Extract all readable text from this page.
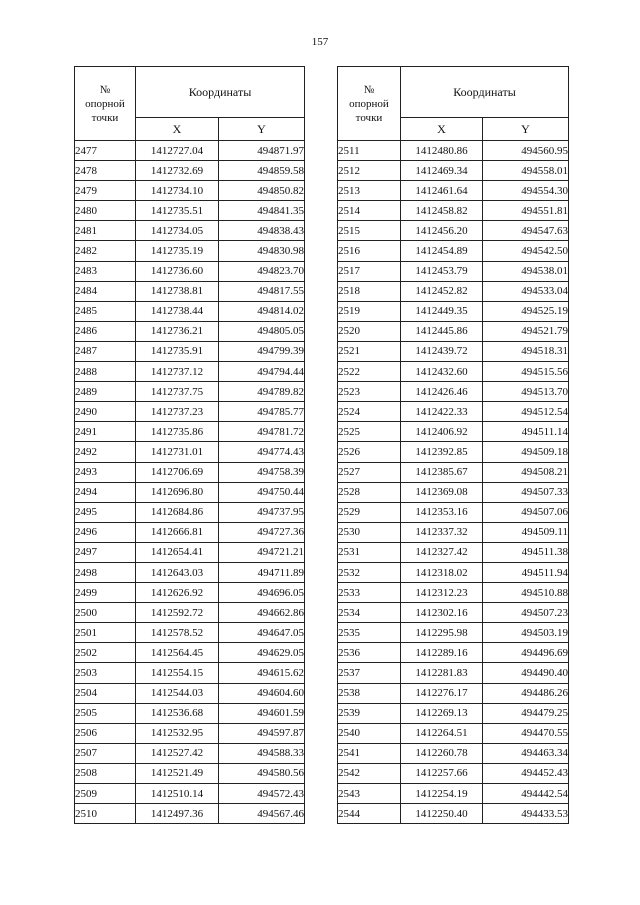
157
№
опорной
точки	Координаты	
	X	Y
2477	1412727.04	494871.97
2478	1412732.69	494859.58
2479	1412734.10	494850.82
2480	1412735.51	494841.35
2481	1412734.05	494838.43
2482	1412735.19	494830.98
2483	1412736.60	494823.70
2484	1412738.81	494817.55
2485	1412738.44	494814.02
2486	1412736.21	494805.05
2487	1412735.91	494799.39
2488	1412737.12	494794.44
2489	1412737.75	494789.82
2490	1412737.23	494785.77
2491	1412735.86	494781.72
2492	1412731.01	494774.43
2493	1412706.69	494758.39
2494	1412696.80	494750.44
2495	1412684.86	494737.95
2496	1412666.81	494727.36
2497	1412654.41	494721.21
2498	1412643.03	494711.89
2499	1412626.92	494696.05
2500	1412592.72	494662.86
2501	1412578.52	494647.05
2502	1412564.45	494629.05
2503	1412554.15	494615.62
2504	1412544.03	494604.60
2505	1412536.68	494601.59
2506	1412532.95	494597.87
2507	1412527.42	494588.33
2508	1412521.49	494580.56
2509	1412510.14	494572.43
2510	1412497.36	494567.46
№
опорной
точки	Координаты	
	X	Y
2511	1412480.86	494560.95
2512	1412469.34	494558.01
2513	1412461.64	494554.30
2514	1412458.82	494551.81
2515	1412456.20	494547.63
2516	1412454.89	494542.50
2517	1412453.79	494538.01
2518	1412452.82	494533.04
2519	1412449.35	494525.19
2520	1412445.86	494521.79
2521	1412439.72	494518.31
2522	1412432.60	494515.56
2523	1412426.46	494513.70
2524	1412422.33	494512.54
2525	1412406.92	494511.14
2526	1412392.85	494509.18
2527	1412385.67	494508.21
2528	1412369.08	494507.33
2529	1412353.16	494507.06
2530	1412337.32	494509.11
2531	1412327.42	494511.38
2532	1412318.02	494511.94
2533	1412312.23	494510.88
2534	1412302.16	494507.23
2535	1412295.98	494503.19
2536	1412289.16	494496.69
2537	1412281.83	494490.40
2538	1412276.17	494486.26
2539	1412269.13	494479.25
2540	1412264.51	494470.55
2541	1412260.78	494463.34
2542	1412257.66	494452.43
2543	1412254.19	494442.54
2544	1412250.40	494433.53
